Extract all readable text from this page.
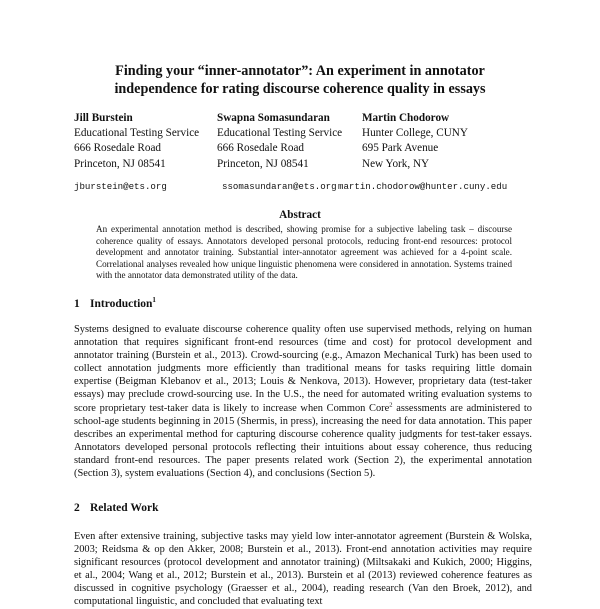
Finding your “inner-annotator”: An experiment in annotator
independence for rating discourse coherence quality in essays
Jill Burstein
Educational Testing Service
666 Rosedale Road
Princeton, NJ 08541
Swapna Somasundaran
Educational Testing Service
666 Rosedale Road
Princeton, NJ 08541
Martin Chodorow
Hunter College, CUNY
695 Park Avenue
New York, NY
jburstein@ets.org	ssomasundaran@ets.org martin.chodorow@hunter.cuny.edu
Abstract
An experimental annotation method is described, showing promise for a subjective labeling task – discourse coherence quality of essays. Annotators developed personal protocols, reducing front-end resources: protocol development and annotator training. Substantial inter-annotator agreement was achieved for a 4-point scale. Correlational analyses revealed how unique linguistic phenomena were considered in annotation. Systems trained with the annotator data demonstrated utility of the data.
1 Introduction$^1$
Systems designed to evaluate discourse coherence quality often use supervised methods, relying on human annotation that requires significant front-end resources (time and cost) for protocol development and annotator training (Burstein et al., 2013). Crowd-sourcing (e.g., Amazon Mechanical Turk) has been used to collect annotation judgments more efficiently than traditional means for tasks requiring little domain expertise (Beigman Klebanov et al., 2013; Louis & Nenkova, 2013). However, proprietary data (test-taker essays) may preclude crowd-sourcing use. In the U.S., the need for automated writing evaluation systems to score proprietary test-taker data is likely to increase when Common Core$^2$ assessments are administered to school-age students beginning in 2015 (Shermis, in press), increasing the need for data annotation. This paper describes an experimental method for capturing discourse coherence quality judgments for test-taker essays. Annotators developed personal protocols reflecting their intuitions about essay coherence, thus reducing standard front-end resources. The paper presents related work (Section 2), the experimental annotation (Section 3), system evaluations (Section 4), and conclusions (Section 5).
2 Related Work
Even after extensive training, subjective tasks may yield low inter-annotator agreement (Burstein & Wolska, 2003; Reidsma & op den Akker, 2008; Burstein et al., 2013). Front-end annotation activities may require significant resources (protocol development and annotator training) (Miltsakaki and Kukich, 2000; Higgins, et al., 2004; Wang et al., 2012; Burstein et al., 2013). Burstein et al (2013) reviewed coherence features as discussed in cognitive psychology (Graesser et al., 2004), reading research (Van den Broek, 2012), and computational linguistic, and concluded that evaluating text
